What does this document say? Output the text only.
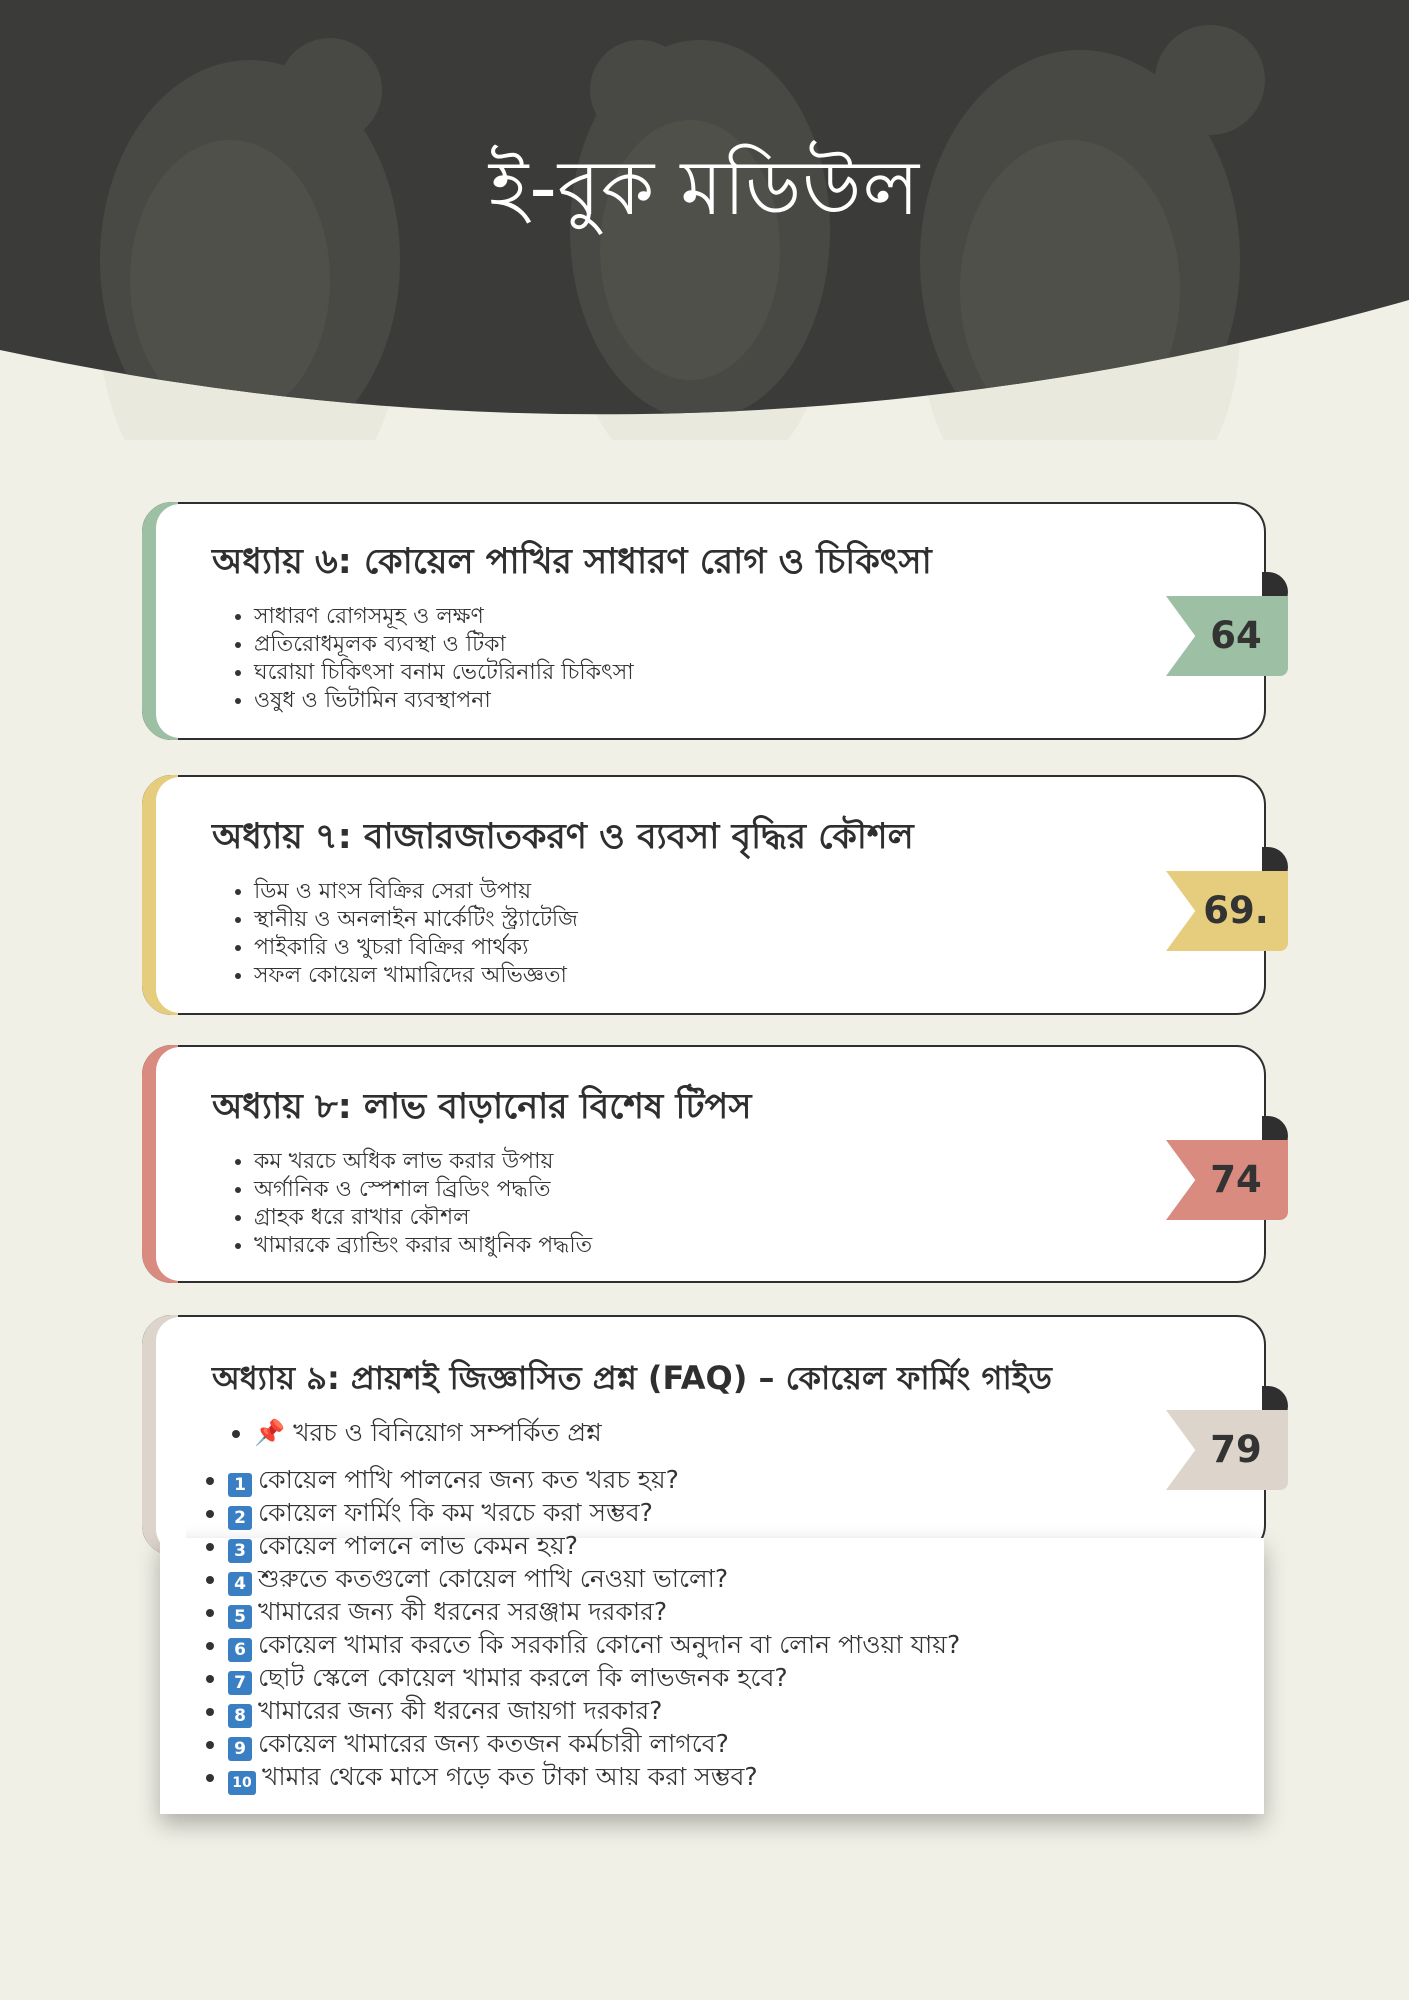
ই-বুক মডিউল
অধ্যায় ৬: কোয়েল পাখির সাধারণ রোগ ও চিকিৎসা
• সাধারণ রোগসমূহ ও লক্ষণ
• প্রতিরোধমূলক ব্যবস্থা ও টিকা
• ঘরোয়া চিকিৎসা বনাম ভেটেরিনারি চিকিৎসা
• ওষুধ ও ভিটামিন ব্যবস্থাপনা
64
অধ্যায় ৭: বাজারজাতকরণ ও ব্যবসা বৃদ্ধির কৌশল
• ডিম ও মাংস বিক্রির সেরা উপায়
• স্থানীয় ও অনলাইন মার্কেটিং স্ট্র্যাটেজি
• পাইকারি ও খুচরা বিক্রির পার্থক্য
• সফল কোয়েল খামারিদের অভিজ্ঞতা
69.
অধ্যায় ৮: লাভ বাড়ানোর বিশেষ টিপস
• কম খরচে অধিক লাভ করার উপায়
• অর্গানিক ও স্পেশাল ব্রিডিং পদ্ধতি
• গ্রাহক ধরে রাখার কৌশল
• খামারকে ব্র্যান্ডিং করার আধুনিক পদ্ধতি
74
অধ্যায় ৯: প্রায়শই জিজ্ঞাসিত প্রশ্ন (FAQ) – কোয়েল ফার্মিং গাইড
• 📌 খরচ ও বিনিয়োগ সম্পর্কিত প্রশ্ন	79
• 1 কোয়েল পাখি পালনের জন্য কত খরচ হয়?
• 2 কোয়েল ফার্মিং কি কম খরচে করা সম্ভব?
• 3 কোয়েল পালনে লাভ কেমন হয়?
• 4 শুরুতে কতগুলো কোয়েল পাখি নেওয়া ভালো?
• 5 খামারের জন্য কী ধরনের সরঞ্জাম দরকার?
• 6 কোয়েল খামার করতে কি সরকারি কোনো অনুদান বা লোন পাওয়া যায়?
• 7 ছোট স্কেলে কোয়েল খামার করলে কি লাভজনক হবে?
• 8 খামারের জন্য কী ধরনের জায়গা দরকার?
• 9 কোয়েল খামারের জন্য কতজন কর্মচারী লাগবে?
• 10 খামার থেকে মাসে গড়ে কত টাকা আয় করা সম্ভব?
